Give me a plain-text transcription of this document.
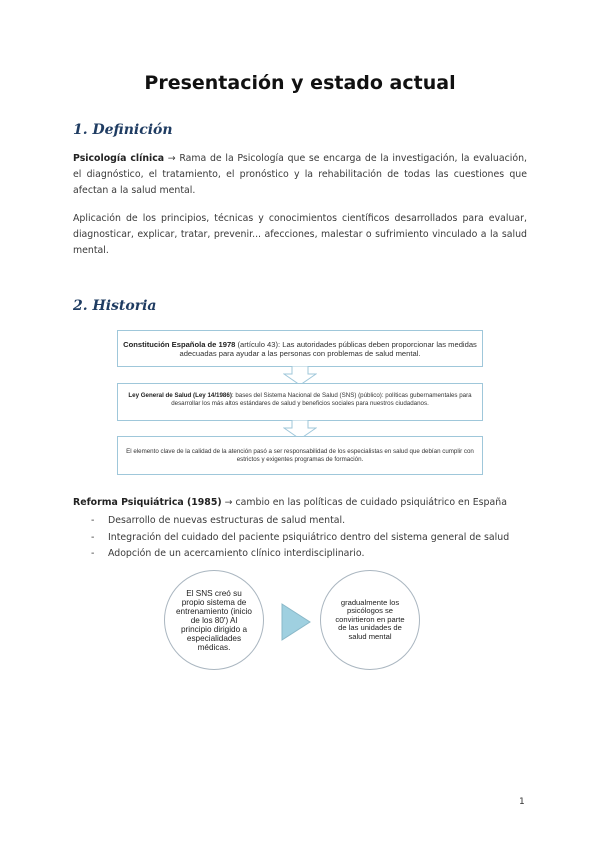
Presentación y estado actual
1. Definición
Psicología clínica → Rama de la Psicología que se encarga de la investigación, la evaluación, el diagnóstico, el tratamiento, el pronóstico y la rehabilitación de todas las cuestiones que afectan a la salud mental.
Aplicación de los principios, técnicas y conocimientos científicos desarrollados para evaluar, diagnosticar, explicar, tratar, prevenir... afecciones, malestar o sufrimiento vinculado a la salud mental.
2. Historia
Constitución Española de 1978 (artículo 43): Las autoridades públicas deben proporcionar las medidas adecuadas para ayudar a las personas con problemas de salud mental.
Ley General de Salud (Ley 14/1986): bases del Sistema Nacional de Salud (SNS) (público): políticas gubernamentales para desarrollar los más altos estándares de salud y beneficios sociales para nuestros ciudadanos.
El elemento clave de la calidad de la atención pasó a ser responsabilidad de los especialistas en salud que debían cumplir con estrictos y exigentes programas de formación.
Reforma Psiquiátrica (1985) → cambio en las políticas de cuidado psiquiátrico en España
- Desarrollo de nuevas estructuras de salud mental.
- Integración del cuidado del paciente psiquiátrico dentro del sistema general de salud
- Adopción de un acercamiento clínico interdisciplinario.
El SNS creó su propio sistema de entrenamiento (inicio de los 80') Al principio dirigido a especialidades médicas.
gradualmente los psicólogos se convirtieron en parte de las unidades de salud mental
1
